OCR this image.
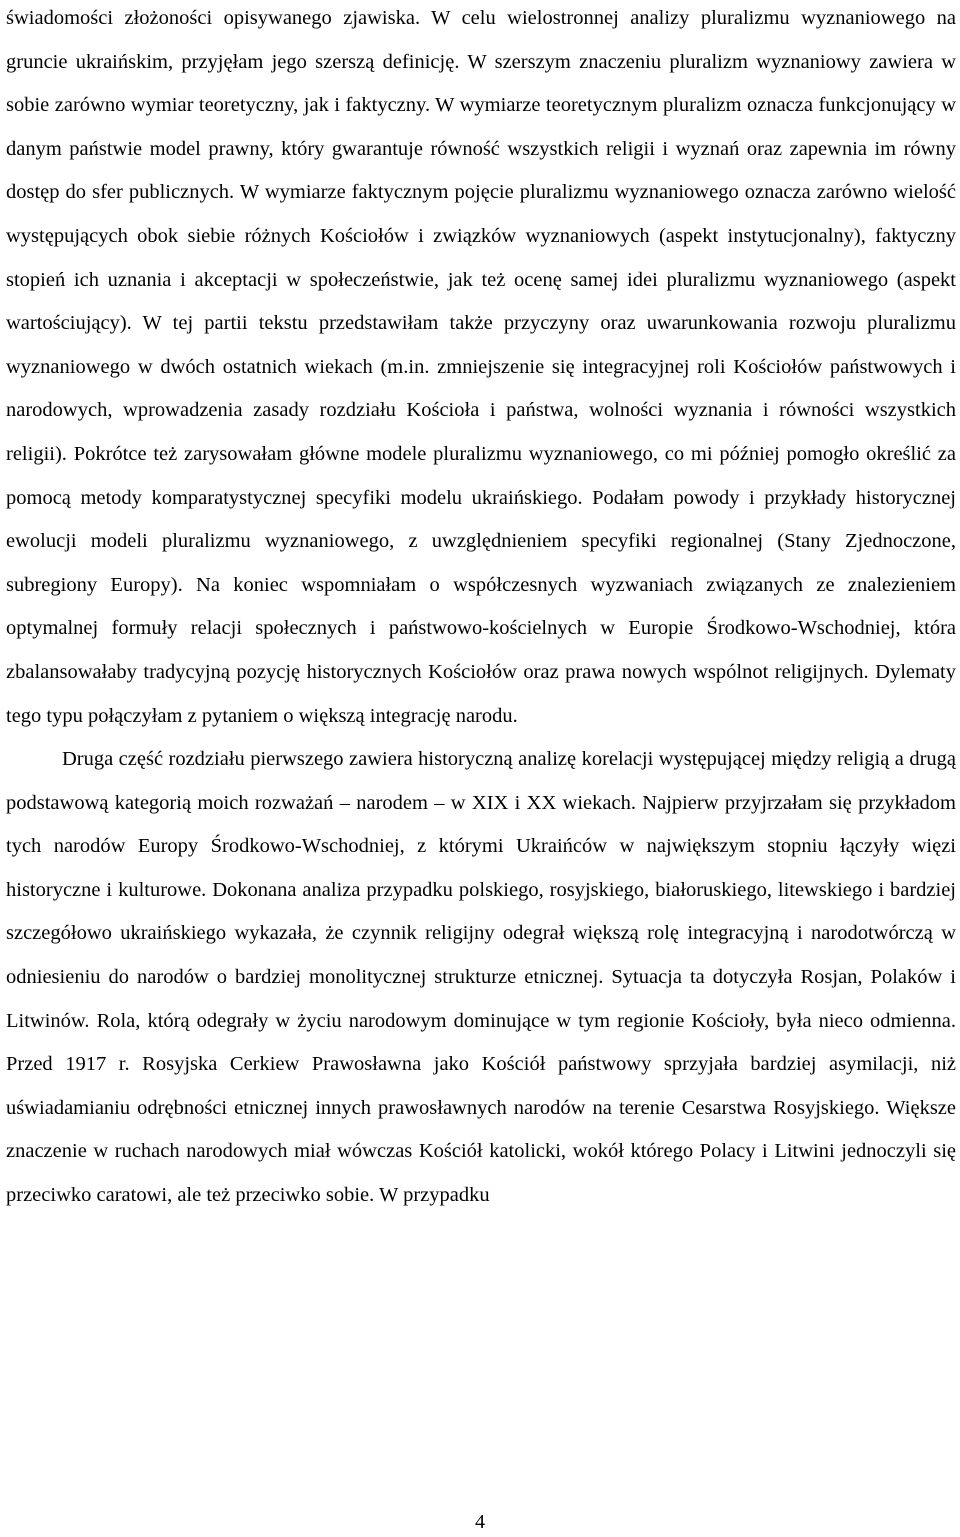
świadomości złożoności opisywanego zjawiska. W celu wielostronnej analizy pluralizmu wyznaniowego na gruncie ukraińskim, przyjęłam jego szerszą definicję. W szerszym znaczeniu pluralizm wyznaniowy zawiera w sobie zarówno wymiar teoretyczny, jak i faktyczny. W wymiarze teoretycznym pluralizm oznacza funkcjonujący w danym państwie model prawny, który gwarantuje równość wszystkich religii i wyznań oraz zapewnia im równy dostęp do sfer publicznych. W wymiarze faktycznym pojęcie pluralizmu wyznaniowego oznacza zarówno wielość występujących obok siebie różnych Kościołów i związków wyznaniowych (aspekt instytucjonalny), faktyczny stopień ich uznania i akceptacji w społeczeństwie, jak też ocenę samej idei pluralizmu wyznaniowego (aspekt wartościujący). W tej partii tekstu przedstawiłam także przyczyny oraz uwarunkowania rozwoju pluralizmu wyznaniowego w dwóch ostatnich wiekach (m.in. zmniejszenie się integracyjnej roli Kościołów państwowych i narodowych, wprowadzenia zasady rozdziału Kościoła i państwa, wolności wyznania i równości wszystkich religii). Pokrótce też zarysowałam główne modele pluralizmu wyznaniowego, co mi później pomogło określić za pomocą metody komparatystycznej specyfiki modelu ukraińskiego. Podałam powody i przykłady historycznej ewolucji modeli pluralizmu wyznaniowego, z uwzględnieniem specyfiki regionalnej (Stany Zjednoczone, subregiony Europy). Na koniec wspomniałam o współczesnych wyzwaniach związanych ze znalezieniem optymalnej formuły relacji społecznych i państwowo-kościelnych w Europie Środkowo-Wschodniej, która zbalansowałaby tradycyjną pozycję historycznych Kościołów oraz prawa nowych wspólnot religijnych. Dylematy tego typu połączyłam z pytaniem o większą integrację narodu.

Druga część rozdziału pierwszego zawiera historyczną analizę korelacji występującej między religią a drugą podstawową kategorią moich rozważań – narodem – w XIX i XX wiekach. Najpierw przyjrzałam się przykładom tych narodów Europy Środkowo-Wschodniej, z którymi Ukraińców w największym stopniu łączyły więzi historyczne i kulturowe. Dokonana analiza przypadku polskiego, rosyjskiego, białoruskiego, litewskiego i bardziej szczegółowo ukraińskiego wykazała, że czynnik religijny odegrał większą rolę integracyjną i narodotwórczą w odniesieniu do narodów o bardziej monolitycznej strukturze etnicznej. Sytuacja ta dotyczyła Rosjan, Polaków i Litwinów. Rola, którą odegrały w życiu narodowym dominujące w tym regionie Kościoły, była nieco odmienna. Przed 1917 r. Rosyjska Cerkiew Prawosławna jako Kościół państwowy sprzyjała bardziej asymilacji, niż uświadamianiu odrębności etnicznej innych prawosławnych narodów na terenie Cesarstwa Rosyjskiego. Większe znaczenie w ruchach narodowych miał wówczas Kościół katolicki, wokół którego Polacy i Litwini jednoczyli się przeciwko caratowi, ale też przeciwko sobie. W przypadku

4
